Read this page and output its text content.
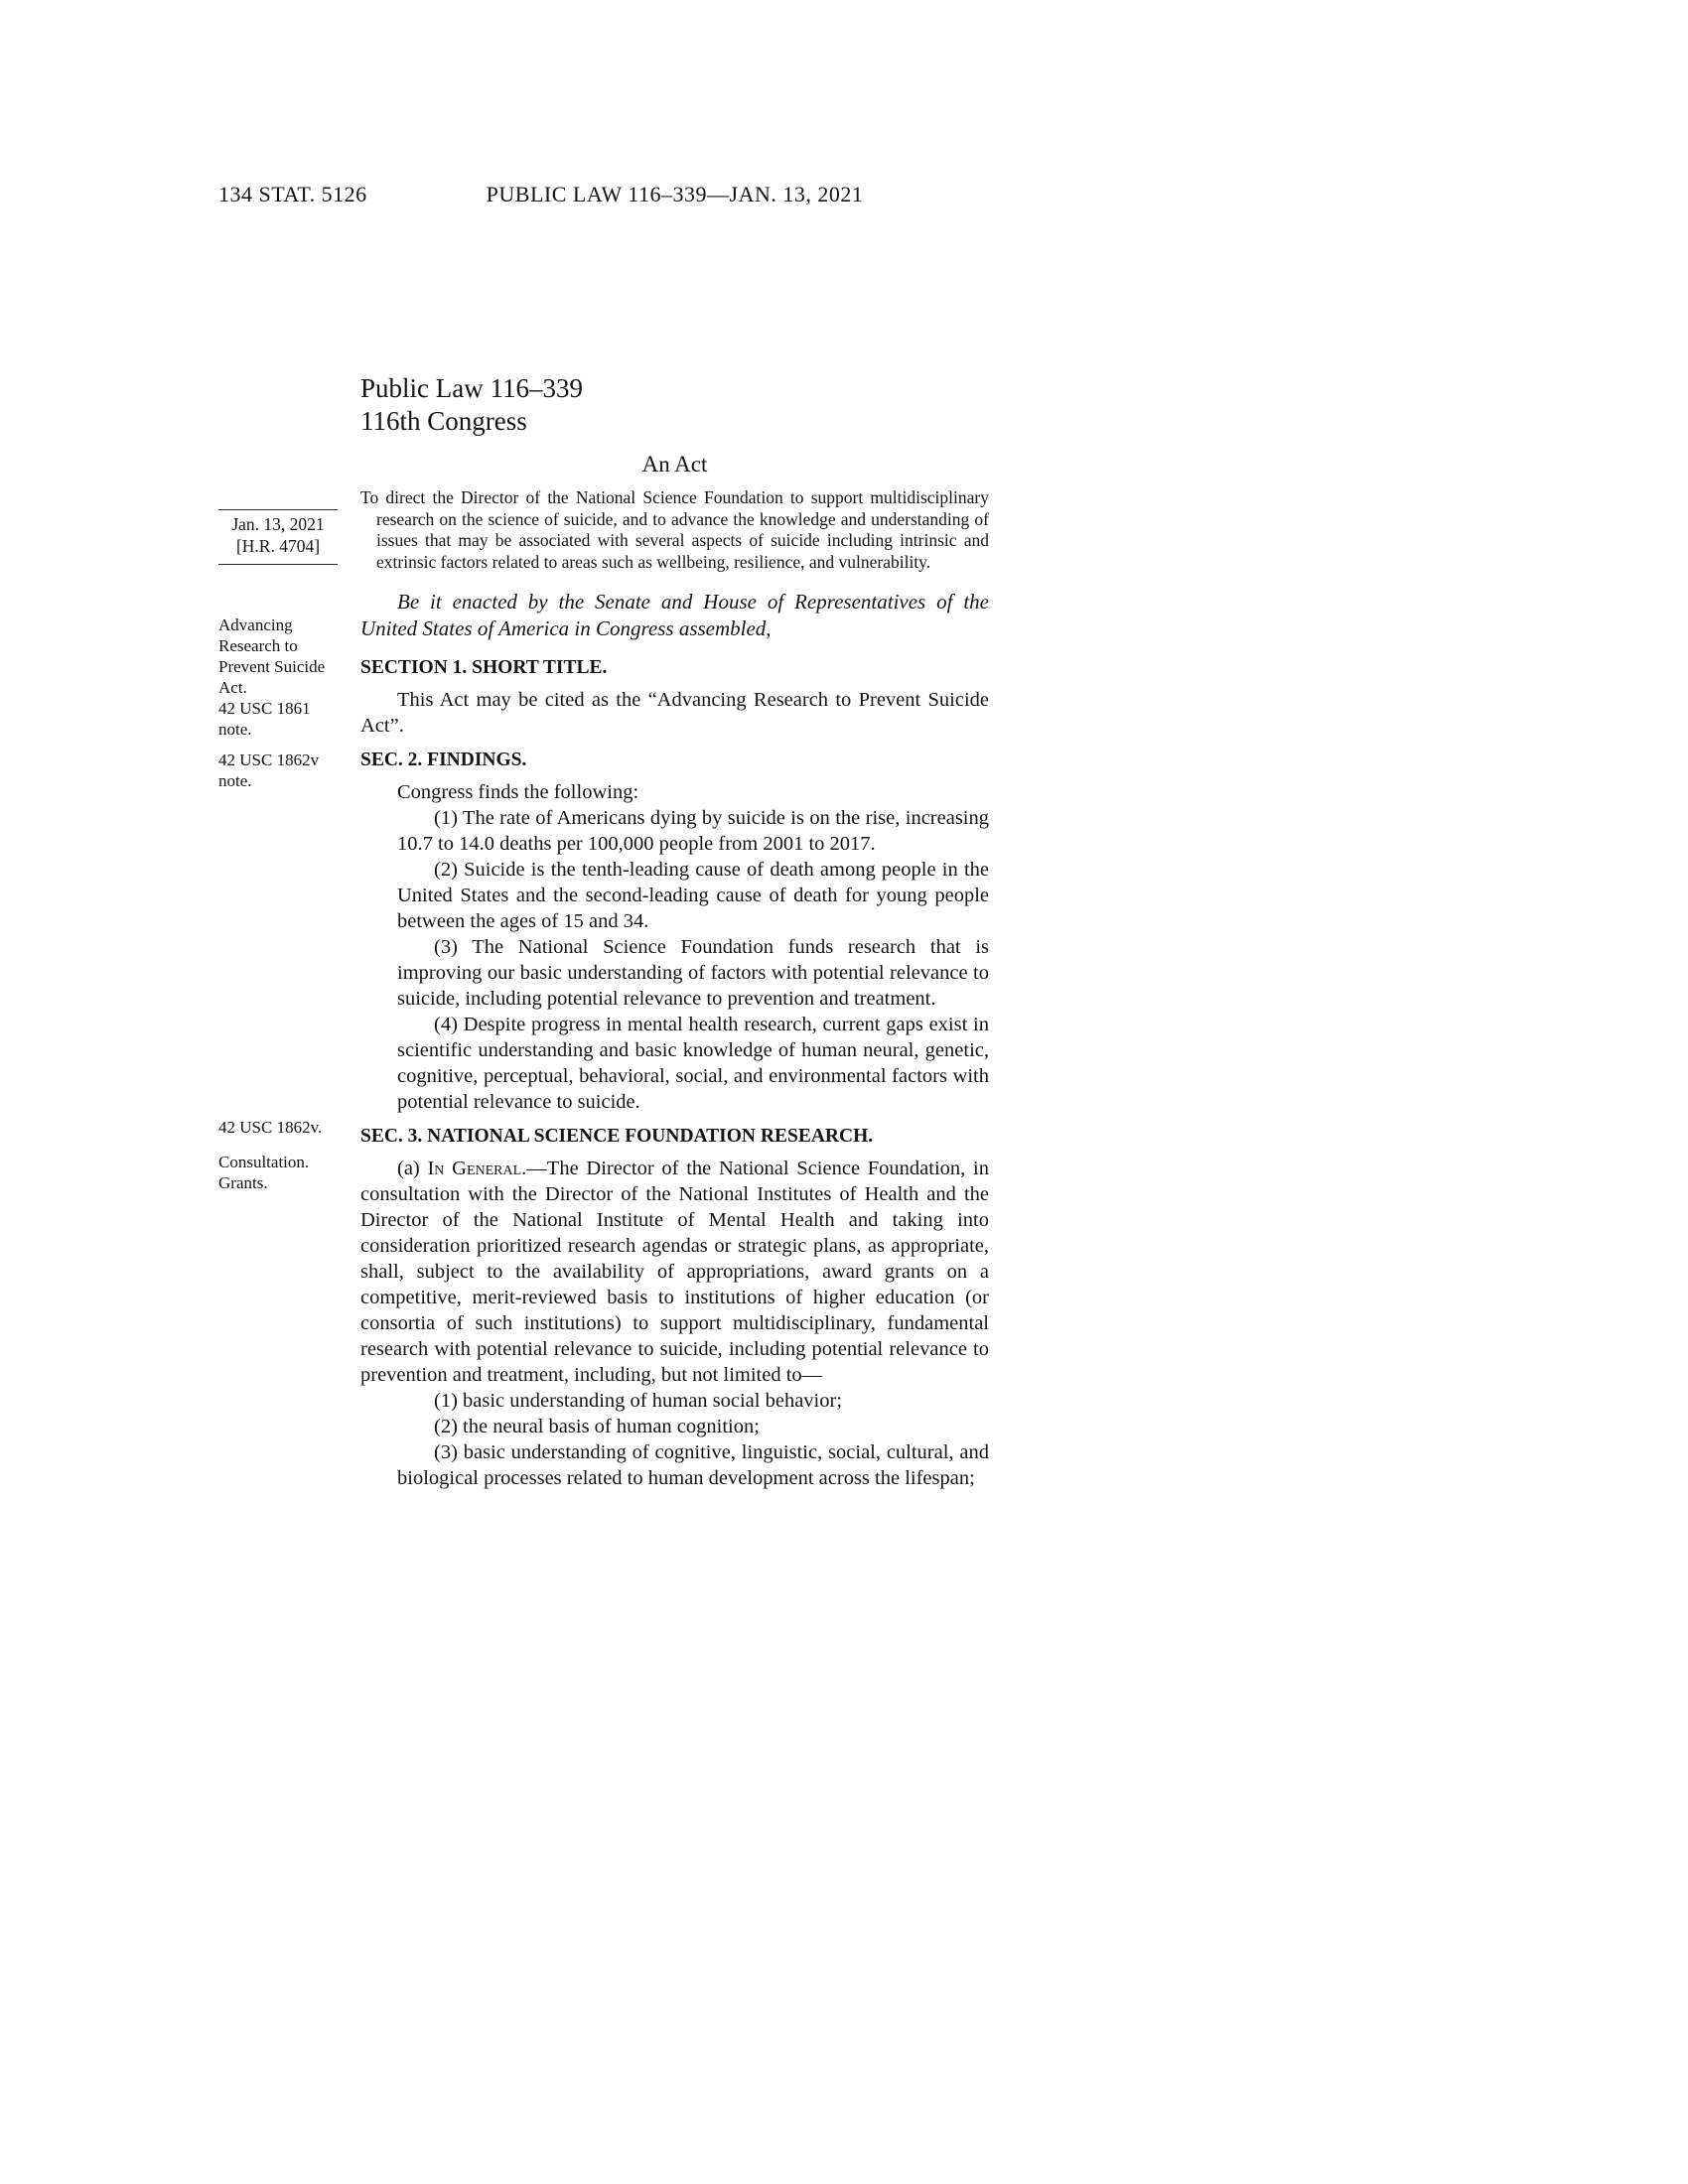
134 STAT. 5126	PUBLIC LAW 116–339—JAN. 13, 2021
Public Law 116–339
116th Congress
An Act
Jan. 13, 2021
[H.R. 4704]

To direct the Director of the National Science Foundation to support multidisciplinary research on the science of suicide, and to advance the knowledge and understanding of issues that may be associated with several aspects of suicide including intrinsic and extrinsic factors related to areas such as wellbeing, resilience, and vulnerability.

Be it enacted by the Senate and House of Representatives of the United States of America in Congress assembled,

Advancing Research to Prevent Suicide Act.
42 USC 1861 note.
42 USC 1862v note.
SECTION 1. SHORT TITLE.

This Act may be cited as the “Advancing Research to Prevent Suicide Act”.

SEC. 2. FINDINGS.

Congress finds the following:

(1) The rate of Americans dying by suicide is on the rise, increasing 10.7 to 14.0 deaths per 100,000 people from 2001 to 2017.

(2) Suicide is the tenth-leading cause of death among people in the United States and the second-leading cause of death for young people between the ages of 15 and 34.

(3) The National Science Foundation funds research that is improving our basic understanding of factors with potential relevance to suicide, including potential relevance to prevention and treatment.

(4) Despite progress in mental health research, current gaps exist in scientific understanding and basic knowledge of human neural, genetic, cognitive, perceptual, behavioral, social, and environmental factors with potential relevance to suicide.

42 USC 1862v.
Consultation.
Grants.
SEC. 3. NATIONAL SCIENCE FOUNDATION RESEARCH.

(a) In General.—The Director of the National Science Foundation, in consultation with the Director of the National Institutes of Health and the Director of the National Institute of Mental Health and taking into consideration prioritized research agendas or strategic plans, as appropriate, shall, subject to the availability of appropriations, award grants on a competitive, merit-reviewed basis to institutions of higher education (or consortia of such institutions) to support multidisciplinary, fundamental research with potential relevance to suicide, including potential relevance to prevention and treatment, including, but not limited to—

(1) basic understanding of human social behavior;

(2) the neural basis of human cognition;

(3) basic understanding of cognitive, linguistic, social, cultural, and biological processes related to human development across the lifespan;
